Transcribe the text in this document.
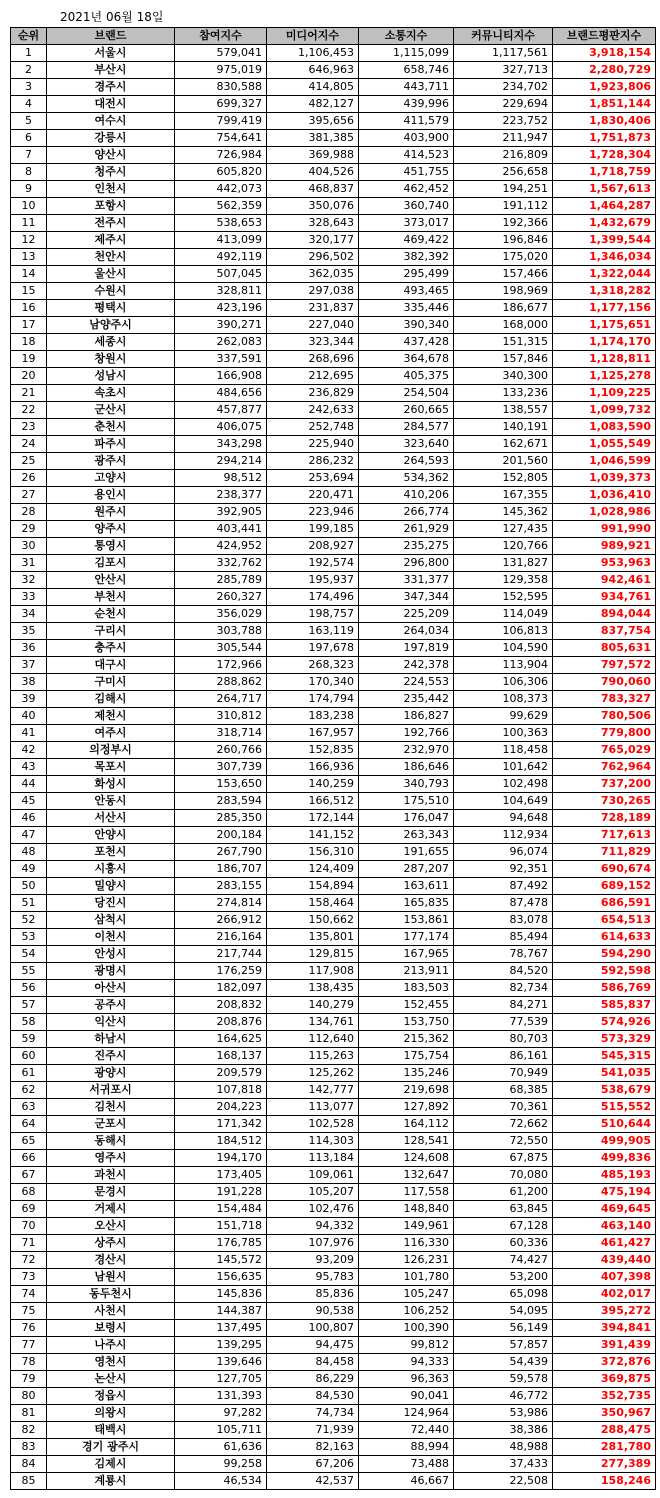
2021년 06월 18일
순위	브랜드	참여지수	미디어지수	소통지수	커뮤니티지수	브랜드평판지수
1	서울시	579,041	1,106,453	1,115,099	1,117,561	3,918,154
2	부산시	975,019	646,963	658,746	327,713	2,280,729
3	경주시	830,588	414,805	443,711	234,702	1,923,806
4	대전시	699,327	482,127	439,996	229,694	1,851,144
5	여수시	799,419	395,656	411,579	223,752	1,830,406
6	강릉시	754,641	381,385	403,900	211,947	1,751,873
7	양산시	726,984	369,988	414,523	216,809	1,728,304
8	청주시	605,820	404,526	451,755	256,658	1,718,759
9	인천시	442,073	468,837	462,452	194,251	1,567,613
10	포항시	562,359	350,076	360,740	191,112	1,464,287
11	전주시	538,653	328,643	373,017	192,366	1,432,679
12	제주시	413,099	320,177	469,422	196,846	1,399,544
13	천안시	492,119	296,502	382,392	175,020	1,346,034
14	울산시	507,045	362,035	295,499	157,466	1,322,044
15	수원시	328,811	297,038	493,465	198,969	1,318,282
16	평택시	423,196	231,837	335,446	186,677	1,177,156
17	남양주시	390,271	227,040	390,340	168,000	1,175,651
18	세종시	262,083	323,344	437,428	151,315	1,174,170
19	창원시	337,591	268,696	364,678	157,846	1,128,811
20	성남시	166,908	212,695	405,375	340,300	1,125,278
21	속초시	484,656	236,829	254,504	133,236	1,109,225
22	군산시	457,877	242,633	260,665	138,557	1,099,732
23	춘천시	406,075	252,748	284,577	140,191	1,083,590
24	파주시	343,298	225,940	323,640	162,671	1,055,549
25	광주시	294,214	286,232	264,593	201,560	1,046,599
26	고양시	98,512	253,694	534,362	152,805	1,039,373
27	용인시	238,377	220,471	410,206	167,355	1,036,410
28	원주시	392,905	223,946	266,774	145,362	1,028,986
29	양주시	403,441	199,185	261,929	127,435	991,990
30	통영시	424,952	208,927	235,275	120,766	989,921
31	김포시	332,762	192,574	296,800	131,827	953,963
32	안산시	285,789	195,937	331,377	129,358	942,461
33	부천시	260,327	174,496	347,344	152,595	934,761
34	순천시	356,029	198,757	225,209	114,049	894,044
35	구리시	303,788	163,119	264,034	106,813	837,754
36	충주시	305,544	197,678	197,819	104,590	805,631
37	대구시	172,966	268,323	242,378	113,904	797,572
38	구미시	288,862	170,340	224,553	106,306	790,060
39	김해시	264,717	174,794	235,442	108,373	783,327
40	제천시	310,812	183,238	186,827	99,629	780,506
41	여주시	318,714	167,957	192,766	100,363	779,800
42	의정부시	260,766	152,835	232,970	118,458	765,029
43	목포시	307,739	166,936	186,646	101,642	762,964
44	화성시	153,650	140,259	340,793	102,498	737,200
45	안동시	283,594	166,512	175,510	104,649	730,265
46	서산시	285,350	172,144	176,047	94,648	728,189
47	안양시	200,184	141,152	263,343	112,934	717,613
48	포천시	267,790	156,310	191,655	96,074	711,829
49	시흥시	186,707	124,409	287,207	92,351	690,674
50	밀양시	283,155	154,894	163,611	87,492	689,152
51	당진시	274,814	158,464	165,835	87,478	686,591
52	삼척시	266,912	150,662	153,861	83,078	654,513
53	이천시	216,164	135,801	177,174	85,494	614,633
54	안성시	217,744	129,815	167,965	78,767	594,290
55	광명시	176,259	117,908	213,911	84,520	592,598
56	아산시	182,097	138,435	183,503	82,734	586,769
57	공주시	208,832	140,279	152,455	84,271	585,837
58	익산시	208,876	134,761	153,750	77,539	574,926
59	하남시	164,625	112,640	215,362	80,703	573,329
60	진주시	168,137	115,263	175,754	86,161	545,315
61	광양시	209,579	125,262	135,246	70,949	541,035
62	서귀포시	107,818	142,777	219,698	68,385	538,679
63	김천시	204,223	113,077	127,892	70,361	515,552
64	군포시	171,342	102,528	164,112	72,662	510,644
65	동해시	184,512	114,303	128,541	72,550	499,905
66	영주시	194,170	113,184	124,608	67,875	499,836
67	과천시	173,405	109,061	132,647	70,080	485,193
68	문경시	191,228	105,207	117,558	61,200	475,194
69	거제시	154,484	102,476	148,840	63,845	469,645
70	오산시	151,718	94,332	149,961	67,128	463,140
71	상주시	176,785	107,976	116,330	60,336	461,427
72	경산시	145,572	93,209	126,231	74,427	439,440
73	남원시	156,635	95,783	101,780	53,200	407,398
74	동두천시	145,836	85,836	105,247	65,098	402,017
75	사천시	144,387	90,538	106,252	54,095	395,272
76	보령시	137,495	100,807	100,390	56,149	394,841
77	나주시	139,295	94,475	99,812	57,857	391,439
78	영천시	139,646	84,458	94,333	54,439	372,876
79	논산시	127,705	86,229	96,363	59,578	369,875
80	정읍시	131,393	84,530	90,041	46,772	352,735
81	의왕시	97,282	74,734	124,964	53,986	350,967
82	태백시	105,711	71,939	72,440	38,386	288,475
83	경기 광주시	61,636	82,163	88,994	48,988	281,780
84	김제시	99,258	67,206	73,488	37,433	277,389
85	계룡시	46,534	42,537	46,667	22,508	158,246
